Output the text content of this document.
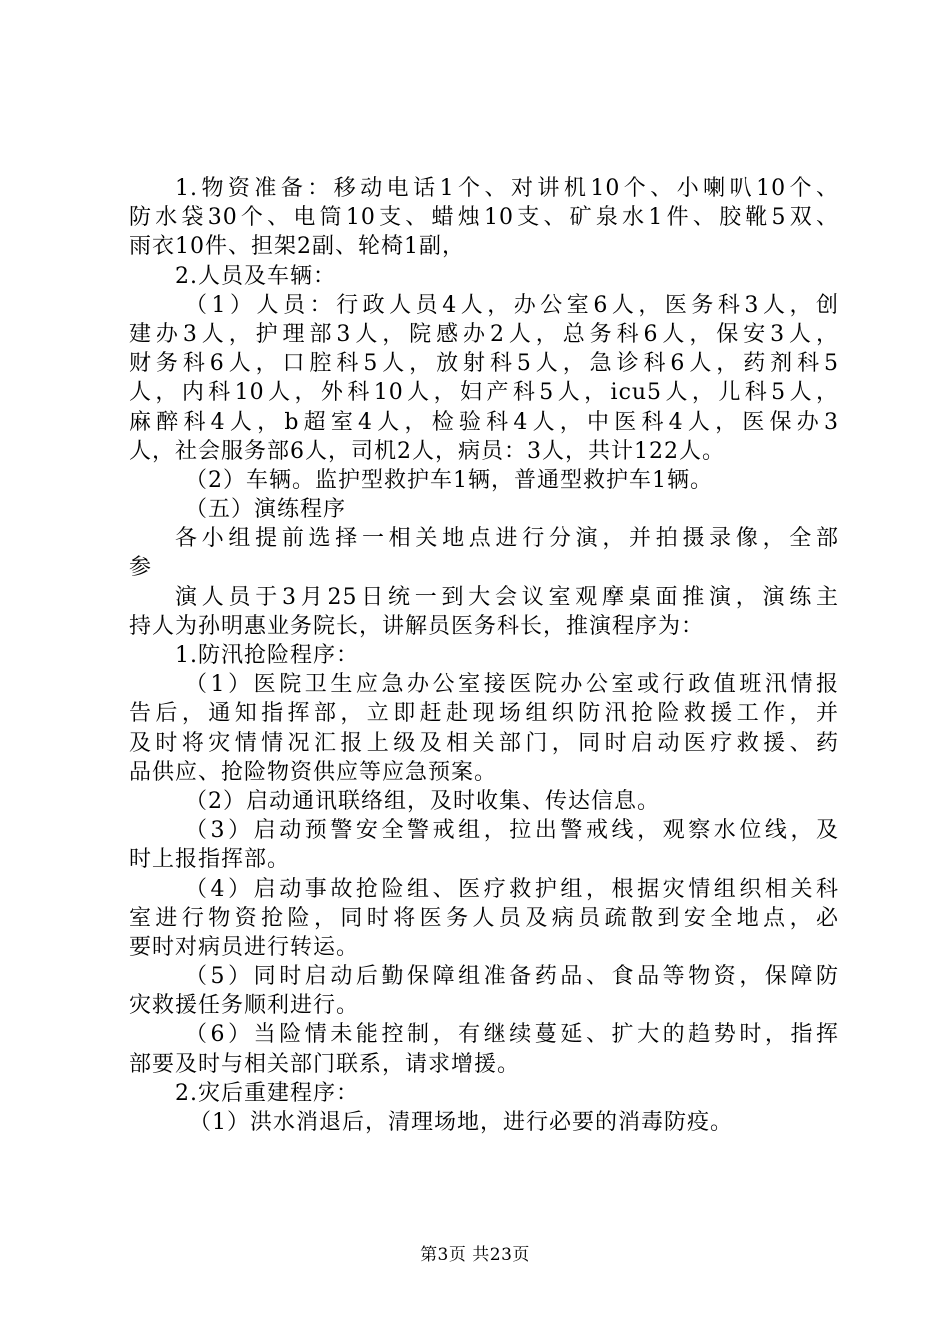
1.物资准备：移动电话1个、对讲机10个、小喇叭10个、
防水袋30个、电筒10支、蜡烛10支、矿泉水1件、胶靴5双、
雨衣10件、担架2副、轮椅1副，
2.人员及车辆：
（1）人员：行政人员4人，办公室6人，医务科3人，创
建办3人，护理部3人，院感办2人，总务科6人，保安3人，
财务科6人，口腔科5人，放射科5人，急诊科6人，药剂科5
人，内科10人，外科10人，妇产科5人，icu5人，儿科5人，
麻醉科4人，b超室4人，检验科4人，中医科4人，医保办3
人，社会服务部6人，司机2人，病员：3人，共计122人。
（2）车辆。监护型救护车1辆，普通型救护车1辆。
（五）演练程序
各小组提前选择一相关地点进行分演，并拍摄录像，全部
参
演人员于3月25日统一到大会议室观摩桌面推演，演练主
持人为孙明惠业务院长，讲解员医务科长，推演程序为：
1.防汛抢险程序：
（1）医院卫生应急办公室接医院办公室或行政值班汛情报
告后，通知指挥部，立即赶赴现场组织防汛抢险救援工作，并
及时将灾情情况汇报上级及相关部门，同时启动医疗救援、药
品供应、抢险物资供应等应急预案。
（2）启动通讯联络组，及时收集、传达信息。
（3）启动预警安全警戒组，拉出警戒线，观察水位线，及
时上报指挥部。
（4）启动事故抢险组、医疗救护组，根据灾情组织相关科
室进行物资抢险，同时将医务人员及病员疏散到安全地点，必
要时对病员进行转运。
（5）同时启动后勤保障组准备药品、食品等物资，保障防
灾救援任务顺利进行。
（6）当险情未能控制，有继续蔓延、扩大的趋势时，指挥
部要及时与相关部门联系，请求增援。
2.灾后重建程序：
（1）洪水消退后，清理场地，进行必要的消毒防疫。
第3页 共23页
